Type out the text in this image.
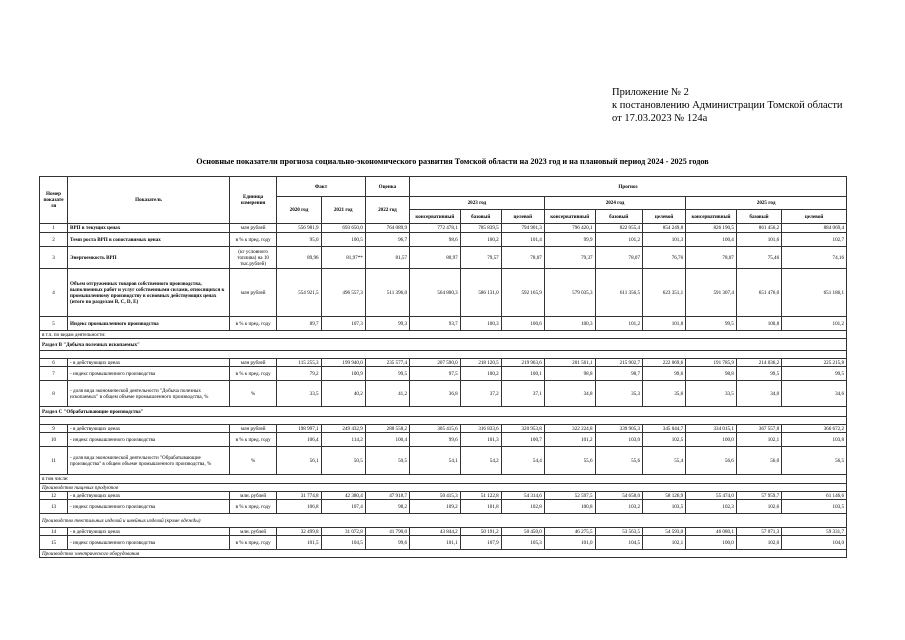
Приложение № 2
к постановлению Администрации Томской области
от 17.03.2023 № 124а
Основные показатели прогноза социально-экономического развития Томской области на 2023 год и на плановый период 2024 - 2025 годов
Номер показате ля	Показатель	Единица измерения	Факт		Оценка	Прогноз								
			2020 год	2021 год	2022 год	2023 год			2024 год			2025 год		
						консервативный	базовый	целевой	консервативный	базовый	целевой	консервативный	базовый	целевой
1	ВРП в текущих ценах	млн рублей	556 981,9	693 650,0	764 089,9	772 478,1	785 839,5	794 901,3	796 420,1	822 055,4	854 249,8	826 190,5	861 456,2	884 069,4
2	Темп роста ВРП в сопоставимых ценах	в % к пред. году	95,0	100,5	96,7	98,6	100,2	101,4	99,9	101,2	101,3	100,4	101,6	102,7
3	Энергоемкость ВРП	(кг условного топлива) на 10 тыс.рублей)	89,96	81,97**	81,57	80,97	79,57	78,07	79,37	78,07	76,76	78,07	75,46	74,16
4	Объем отгруженных товаров собственного производства, выполненных работ и услуг собственными силами, относящихся к промышленному производству в основных действующих ценах (итого по разделам B, C, D, E)	млн рублей	554 921,5	496 557,3	511 396,0	564 800,3	586 131,0	592 165,9	579 035,3	611 356,5	623 351,1	591 307,4	651 476,0	651 186,1
5	Индекс промышленного производства	в % к пред. году	89,7	107,3	99,3	93,7	100,3	100,6	100,3	101,2	101,8	99,5	100,8	101,2
в т.ч. по видам деятельности:														
Раздел В "Добыча полезных ископаемых"														

6	- в действующих ценах	млн рублей	115 255,3	199 940,0	235 577,4	207 590,0	218 120,5	219 963,6	201 561,1	215 902,7	222 069,6	191 785,9	214 036,2	225 215,8
7	- индекс промышленного производства	в % к пред. году	79,2	100,9	99,5	97,5	100,2	100,1	98,8	98,7	99,6	98,8	99,5	99,5
8	- доля вида экономической деятельности "Добыча полезных ископаемых" в общем объеме промышленного производства, %	%	33,5	40,2	41,2	36,8	37,2	37,1	34,8	35,3	35,6	33,5	34,0	34,6
Раздел С "Обрабатывающие производства"														

9	- в действующих ценах	млн рублей	198 997,1	249 432,9	288 558,2	305 415,6	316 833,6	320 953,8	322 224,8	339 905,3	345 044,7	334 015,1	367 557,8	366 672,2
10	- индекс промышленного производства	в % к пред. году	106,4	114,2	100,4	99,6	101,3	100,7	101,2	103,0	102,5	100,0	102,1	103,8
11	- доля вида экономической деятельности "Обрабатывающие производства" в общем объеме промышленного производства, %	%	56,1	50,5	50,5	54,1	54,2	54,4	55,6	55,6	55,4	56,6	56,0	56,5
в том числе:														
Производство пищевых продуктов														
12	- в действующих ценах	млн. рублей	31 774,8	42 380,4	47 918,7	50 415,3	51 122,8	54 314,6	52 597,5	54 658,0	58 126,9	55 474,0	57 959,7	61 146,6
13	- индекс промышленного производства	в % к пред. году	106,8	107,4	98,2	109,2	101,8	102,8	100,8	103,2	103,5	102,3	102,6	103,5
Производство текстильных изделий и швейных изделий (кроме одежды)														
14	- в действующих ценах	млн. рублей	32 499,8	31 072,8	41 790,0	43 844,2	50 191,2	50 450,0	46 275,5	53 563,5	54 593,0	46 080,1	57 071,3	59 331,7
15	- индекс промышленного производства	в % к пред. году	101,5	104,5	99,6	101,1	107,9	105,3	101,0	104,5	102,1	100,0	102,0	104,0
Производство электрического оборудования														
